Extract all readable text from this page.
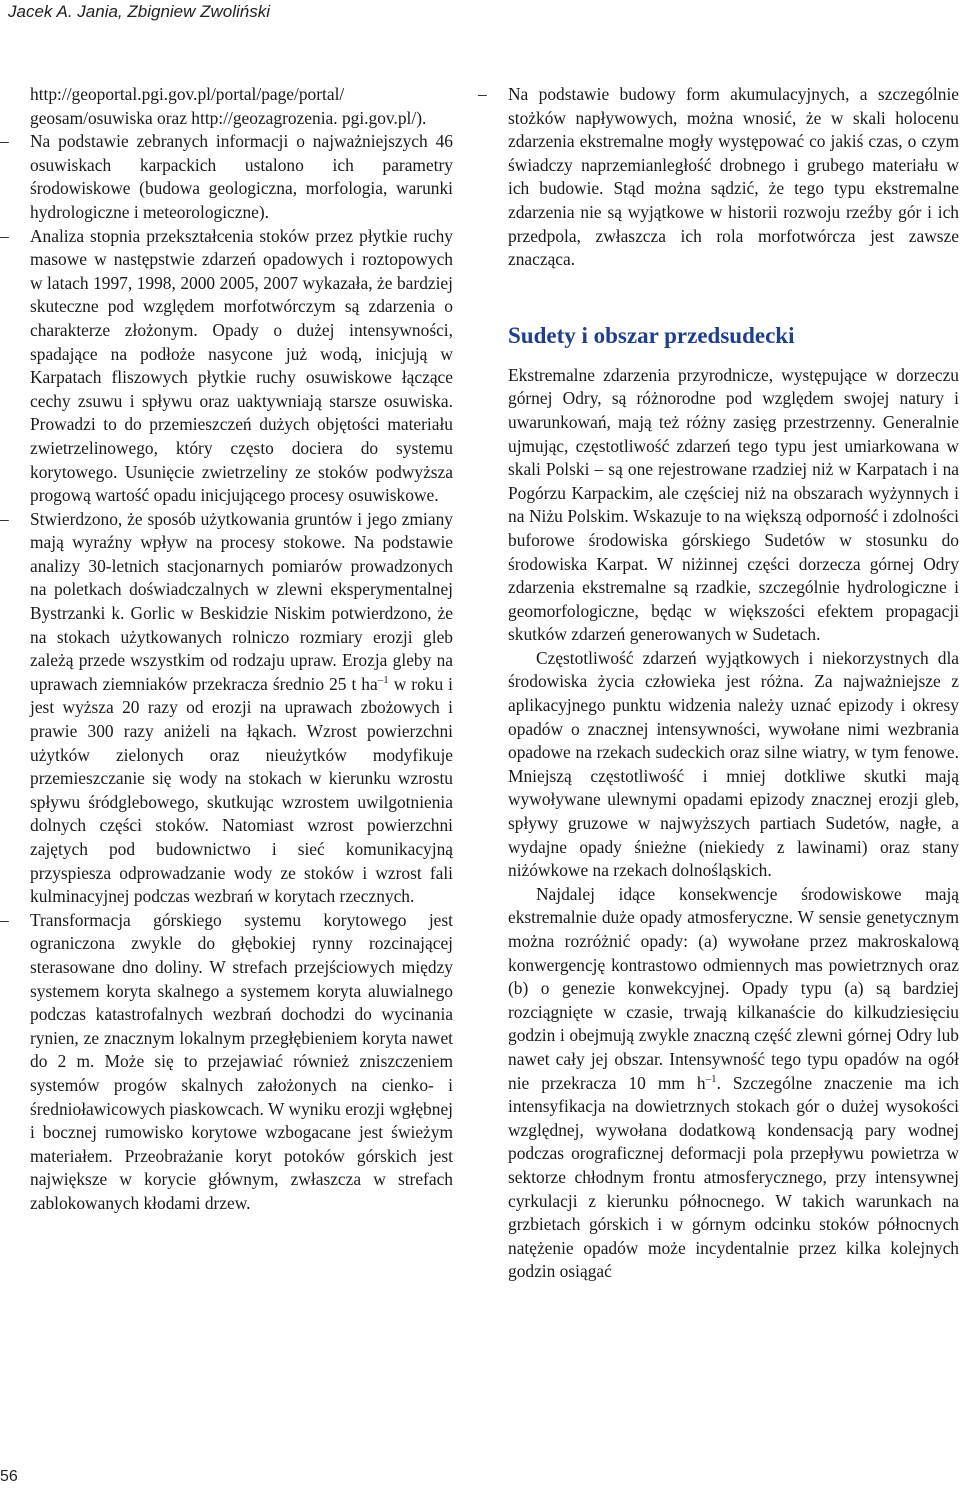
Jacek A. Jania, Zbigniew Zwoliński

http://geoportal.pgi.gov.pl/portal/page/portal/ geosam/osuwiska oraz http://geozagrozenia. pgi.gov.pl/).

– Na podstawie zebranych informacji o najważniejszych 46 osuwiskach karpackich ustalono ich parametry środowiskowe (budowa geologiczna, morfologia, warunki hydrologiczne i meteorologiczne).
– Analiza stopnia przekształcenia stoków przez płytkie ruchy masowe w następstwie zdarzeń opadowych i roztopowych w latach 1997, 1998, 2000 2005, 2007 wykazała, że bardziej skuteczne pod względem morfotwórczym są zdarzenia o charakterze złożonym. Opady o dużej intensywności, spadające na podłoże nasycone już wodą, inicjują w Karpatach fliszowych płytkie ruchy osuwiskowe łączące cechy zsuwu i spływu oraz uaktywniają starsze osuwiska. Prowadzi to do przemieszczeń dużych objętości materiału zwietrzelinowego, który często dociera do systemu korytowego. Usunięcie zwietrzeliny ze stoków podwyższa progową wartość opadu inicjującego procesy osuwiskowe.
– Stwierdzono, że sposób użytkowania gruntów i jego zmiany mają wyraźny wpływ na procesy stokowe. Na podstawie analizy 30-letnich stacjonarnych pomiarów prowadzonych na poletkach doświadczalnych w zlewni eksperymentalnej Bystrzanki k. Gorlic w Beskidzie Niskim potwierdzono, że na stokach użytkowanych rolniczo rozmiary erozji gleb zależą przede wszystkim od rodzaju upraw. Erozja gleby na uprawach ziemniaków przekracza średnio 25 t $ha^{-1}$ w roku i jest wyższa 20 razy od erozji na uprawach zbożowych i prawie 300 razy aniżeli na łąkach. Wzrost powierzchni użytków zielonych oraz nieużytków modyfikuje przemieszczanie się wody na stokach w kierunku wzrostu spływu śródglebowego, skutkując wzrostem uwilgotnienia dolnych części stoków. Natomiast wzrost powierzchni zajętych pod budownictwo i sieć komunikacyjną przyspiesza odprowadzanie wody ze stoków i wzrost fali kulminacyjnej podczas wezbrań w korytach rzecznych.
– Transformacja górskiego systemu korytowego jest ograniczona zwykle do głębokiej rynny rozcinającej sterasowane dno doliny. W strefach przejściowych między systemem koryta skalnego a systemem koryta aluwialnego podczas katastrofalnych wezbrań dochodzi do wycinania rynien, ze znacznym lokalnym przegłębieniem koryta nawet do 2 m. Może się to przejawiać również zniszczeniem systemów progów skalnych założonych na cienko- i średnioławicowych piaskowcach. W wyniku erozji wgłębnej i bocznej rumowisko korytowe wzbogacane jest świeżym materiałem. Przeobrażanie koryt potoków górskich jest największe w korycie głównym, zwłaszcza w strefach zablokowanych kłodami drzew.
– Na podstawie budowy form akumulacyjnych, a szczególnie stożków napływowych, można wnosić, że w skali holocenu zdarzenia ekstremalne mogły występować co jakiś czas, o czym świadczy naprzemianległość drobnego i grubego materiału w ich budowie. Stąd można sądzić, że tego typu ekstremalne zdarzenia nie są wyjątkowe w historii rozwoju rzeźby gór i ich przedpola, zwłaszcza ich rola morfotwórcza jest zawsze znacząca.
Sudety i obszar przedsudecki

Ekstremalne zdarzenia przyrodnicze, występujące w dorzeczu górnej Odry, są różnorodne pod względem swojej natury i uwarunkowań, mają też różny zasięg przestrzenny. Generalnie ujmując, częstotliwość zdarzeń tego typu jest umiarkowana w skali Polski – są one rejestrowane rzadziej niż w Karpatach i na Pogórzu Karpackim, ale częściej niż na obszarach wyżynnych i na Niżu Polskim. Wskazuje to na większą odporność i zdolności buforowe środowiska górskiego Sudetów w stosunku do środowiska Karpat. W niżinnej części dorzecza górnej Odry zdarzenia ekstremalne są rzadkie, szczególnie hydrologiczne i geomorfologiczne, będąc w większości efektem propagacji skutków zdarzeń generowanych w Sudetach.

Częstotliwość zdarzeń wyjątkowych i niekorzystnych dla środowiska życia człowieka jest różna. Za najważniejsze z aplikacyjnego punktu widzenia należy uznać epizody i okresy opadów o znacznej intensywności, wywołane nimi wezbrania opadowe na rzekach sudeckich oraz silne wiatry, w tym fenowe. Mniejszą częstotliwość i mniej dotkliwe skutki mają wywoływane ulewnymi opadami epizody znacznej erozji gleb, spływy gruzowe w najwyższych partiach Sudetów, nagłe, a wydajne opady śnieżne (niekiedy z lawinami) oraz stany niżówkowe na rzekach dolnośląskich.

Najdalej idące konsekwencje środowiskowe mają ekstremalnie duże opady atmosferyczne. W sensie genetycznym można rozróżnić opady: (a) wywołane przez makroskalową konwergencję kontrastowo odmiennych mas powietrznych oraz (b) o genezie konwekcyjnej. Opady typu (a) są bardziej rozciągnięte w czasie, trwają kilkanaście do kilkudziesięciu godzin i obejmują zwykle znaczną część zlewni górnej Odry lub nawet cały jej obszar. Intensywność tego typu opadów na ogół nie przekracza 10 mm $h^{-1}$. Szczególne znaczenie ma ich intensyfikacja na dowietrznych stokach gór o dużej wysokości względnej, wywołana dodatkową kondensacją pary wodnej podczas orograficznej deformacji pola przepływu powietrza w sektorze chłodnym frontu atmosferycznego, przy intensywnej cyrkulacji z kierunku północnego. W takich warunkach na grzbietach górskich i w górnym odcinku stoków północnych natężenie opadów może incydentalnie przez kilka kolejnych godzin osiągać

56
